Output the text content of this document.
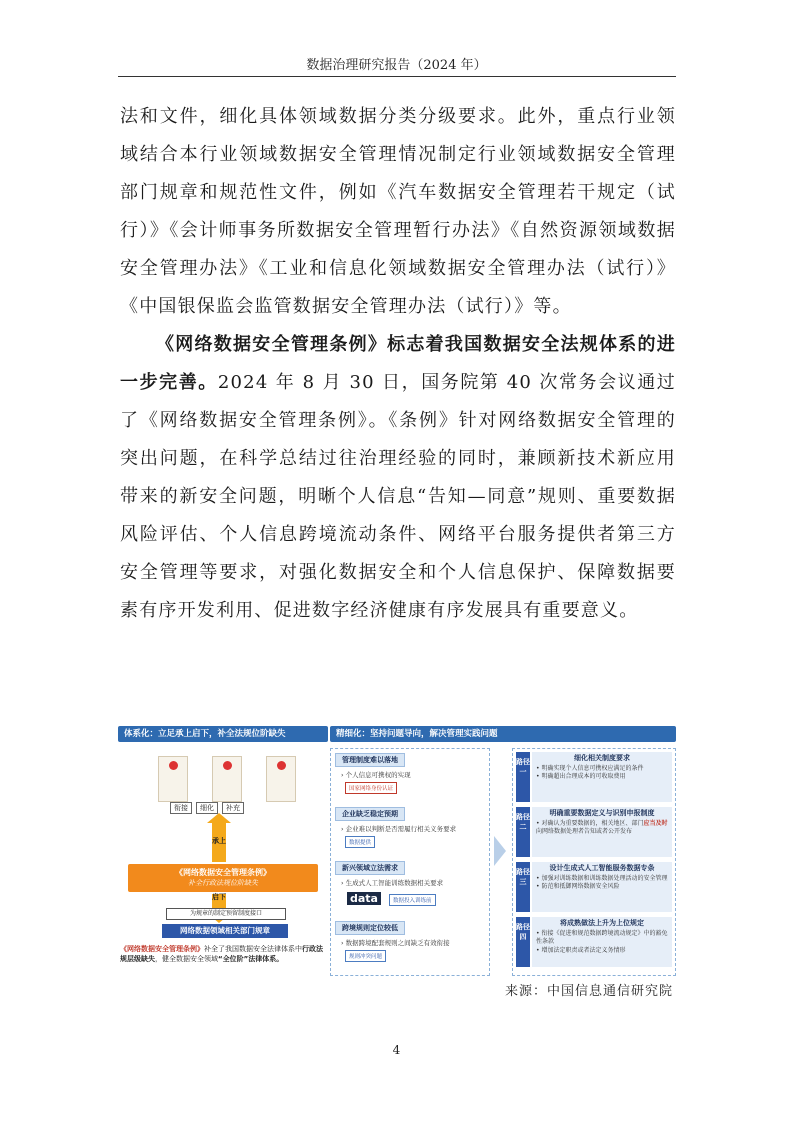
数据治理研究报告（2024 年）

法和文件，细化具体领域数据分类分级要求。此外，重点行业领域结合本行业领域数据安全管理情况制定行业领域数据安全管理部门规章和规范性文件，例如《汽车数据安全管理若干规定（试行）》《会计师事务所数据安全管理暂行办法》《自然资源领域数据安全管理办法》《工业和信息化领域数据安全管理办法（试行）》《中国银保监会监管数据安全管理办法（试行）》等。

《网络数据安全管理条例》标志着我国数据安全法规体系的进一步完善。2024 年 8 月 30 日，国务院第 40 次常务会议通过了《网络数据安全管理条例》。《条例》针对网络数据安全管理的突出问题，在科学总结过往治理经验的同时，兼顾新技术新应用带来的新安全问题，明晰个人信息“告知—同意”规则、重要数据风险评估、个人信息跨境流动条件、网络平台服务提供者第三方安全管理等要求，对强化数据安全和个人信息保护、保障数据要素有序开发利用、促进数字经济健康有序发展具有重要意义。

体系化：立足承上启下，补全法规位阶缺失
衔接 细化 补充
承上
《网络数据安全管理条例》
补全行政法规位阶缺失
启下
为规章的制定预留制度接口
网络数据领域相关部门规章
《网络数据安全管理条例》补全了我国数据安全法律体系中行政法规层级缺失，健全数据安全领域“全位阶”法律体系。
精细化：坚持问题导向，解决管理实践问题
管理制度难以落地
› 个人信息可携权的实现
国家网络身份认证
企业缺乏稳定预期
› 企业难以判断是否需履行相关义务要求
数据提供
新兴领域立法需求
› 生成式人工智能训练数据相关要求
data	数据投入训练前
跨境规则定位较低
› 数据跨境配套规则之间缺乏有效衔接
规则冲突问题
路径一
细化相关制度要求
• 明确实现个人信息可携权应满足的条件
• 明确超出合理成本的可收取费用
路径二
明确重要数据定义与识别申报制度
• 对确认为重要数据的，相关地区、部门应当及时向网络数据处理者告知或者公开发布
路径三
设计生成式人工智能服务数据专条
• 加强对训练数据和训练数据处理活动的安全管理
• 防范和抵御网络数据安全风险
路径四
将成熟做法上升为上位规定
• 衔接《促进和规范数据跨境流动规定》中的豁免性条款
• 增加法定职责或者法定义务情形
来源：中国信息通信研究院
4
